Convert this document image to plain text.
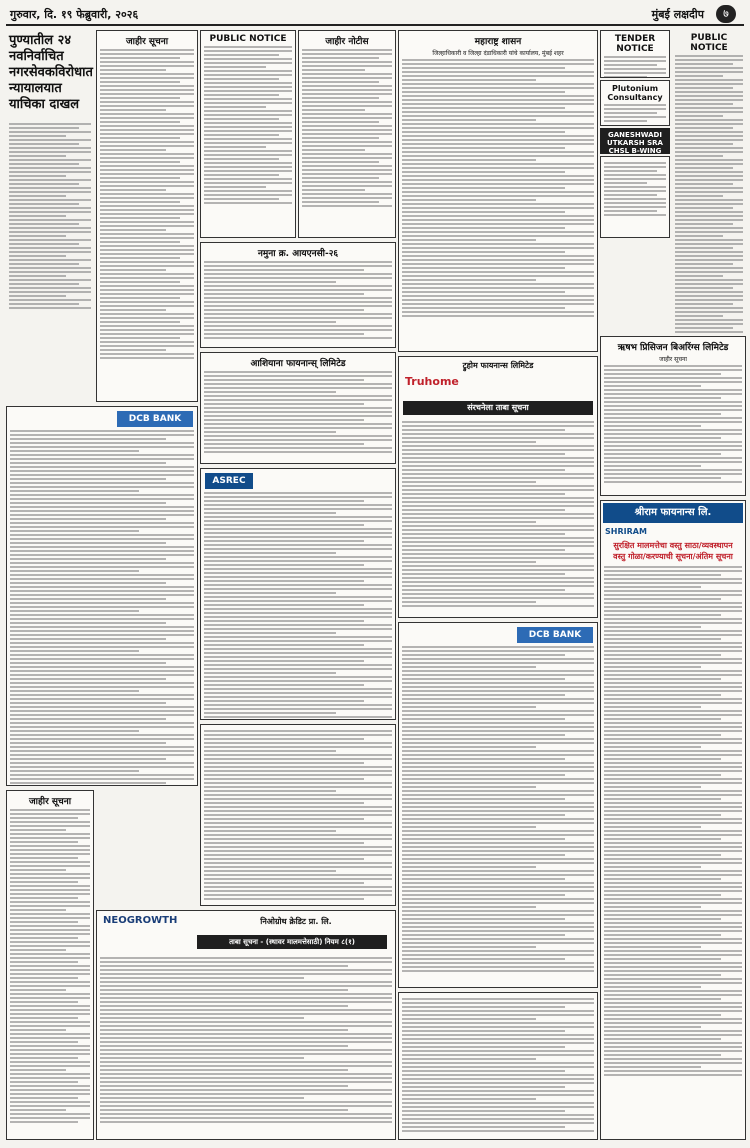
गुरुवार, दि. १९ फेब्रुवारी, २०२६	मुंबई लक्षदीप	७
पुण्यातील २४ नवनिर्वाचित नगरसेवकविरोधात न्यायालयात याचिका दाखल
जाहीर सूचना	PUBLIC NOTICE	जाहीर नोटीस
नमुना क्र. आयएनसी-२६
आशियाना फायनान्स्‌ लिमिटेड
महाराष्ट्र शासन
जिल्हाधिकारी व जिल्हा दंडाधिकारी यांचे कार्यालय, मुंबई शहर
TENDER NOTICE
Plutonium Consultancy
GANESHWADI UTKARSH SRA CHSL B-WING
PUBLIC NOTICE
ऋषभ प्रिसिजन बिअरिंग्स लिमिटेड
जाहीर सूचना
ट्रुहोम फायनान्स लिमिटेड
Truhome
संरचनेला ताबा सूचना
DCB BANK
ASREC
DCB BANK
श्रीराम फायनान्स लि.
SHRIRAM
सुरक्षित मालमत्तेचा वस्तु साठा/व्यवस्थापन वस्तु गोळा/करण्याची सूचना/अंतिम सूचना
जाहीर सूचना
NEOGROWTH	निओग्रोथ क्रेडिट प्रा. लि.
ताबा सूचना - (स्थावर मालमत्तेसाठी) नियम ८(१)
